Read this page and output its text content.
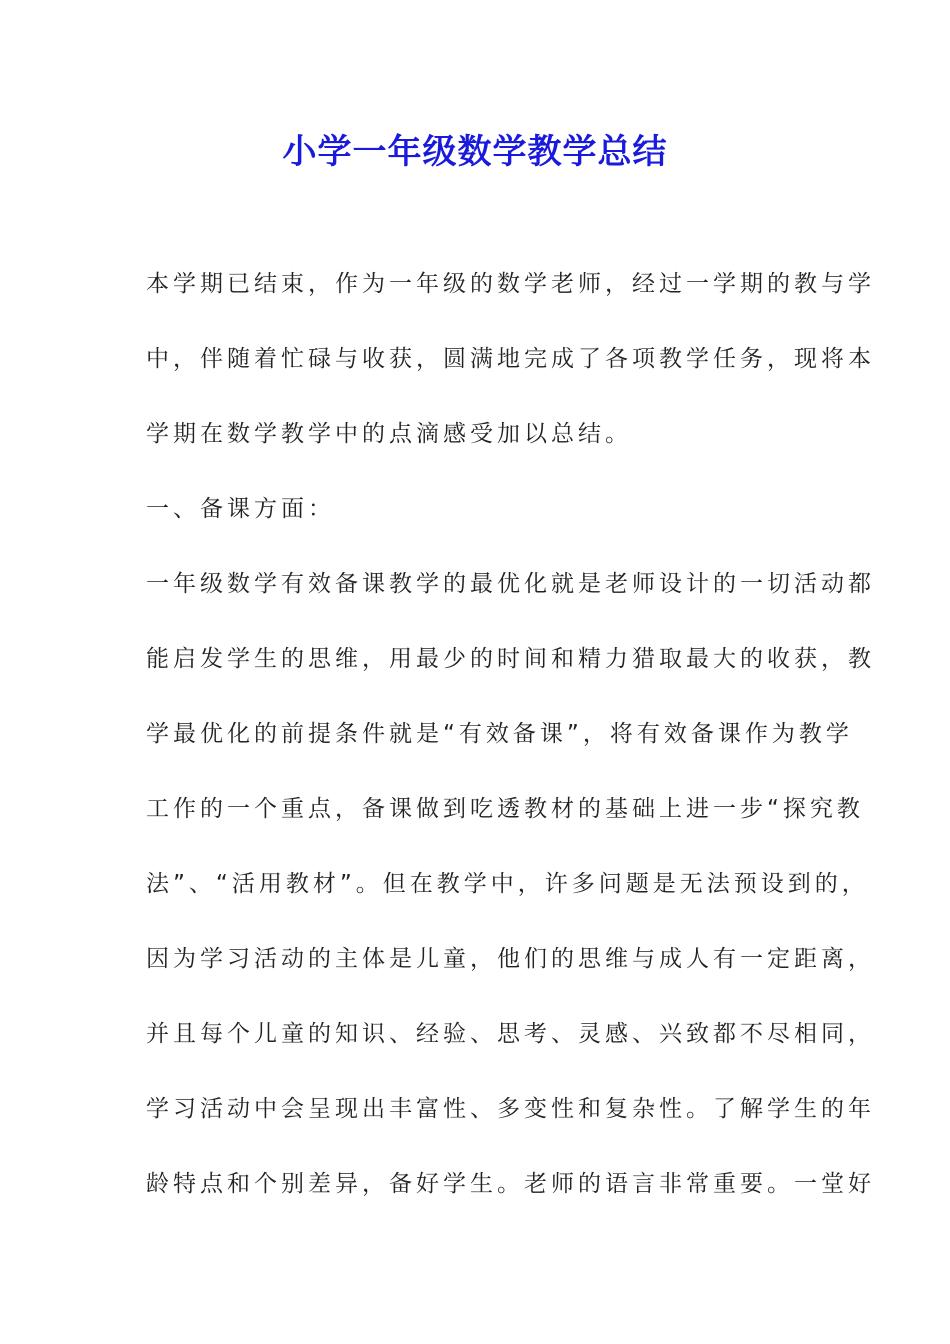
小学一年级数学教学总结
本学期已结束，作为一年级的数学老师，经过一学期的教与学
中，伴随着忙碌与收获，圆满地完成了各项教学任务，现将本
学期在数学教学中的点滴感受加以总结。
一、备课方面：
一年级数学有效备课教学的最优化就是老师设计的一切活动都
能启发学生的思维，用最少的时间和精力猎取最大的收获，教
学最优化的前提条件就是“有效备课”，将有效备课作为教学
工作的一个重点，备课做到吃透教材的基础上进一步“探究教
法”、“活用教材”。但在教学中，许多问题是无法预设到的，
因为学习活动的主体是儿童，他们的思维与成人有一定距离，
并且每个儿童的知识、经验、思考、灵感、兴致都不尽相同，
学习活动中会呈现出丰富性、多变性和复杂性。了解学生的年
龄特点和个别差异，备好学生。老师的语言非常重要。一堂好
